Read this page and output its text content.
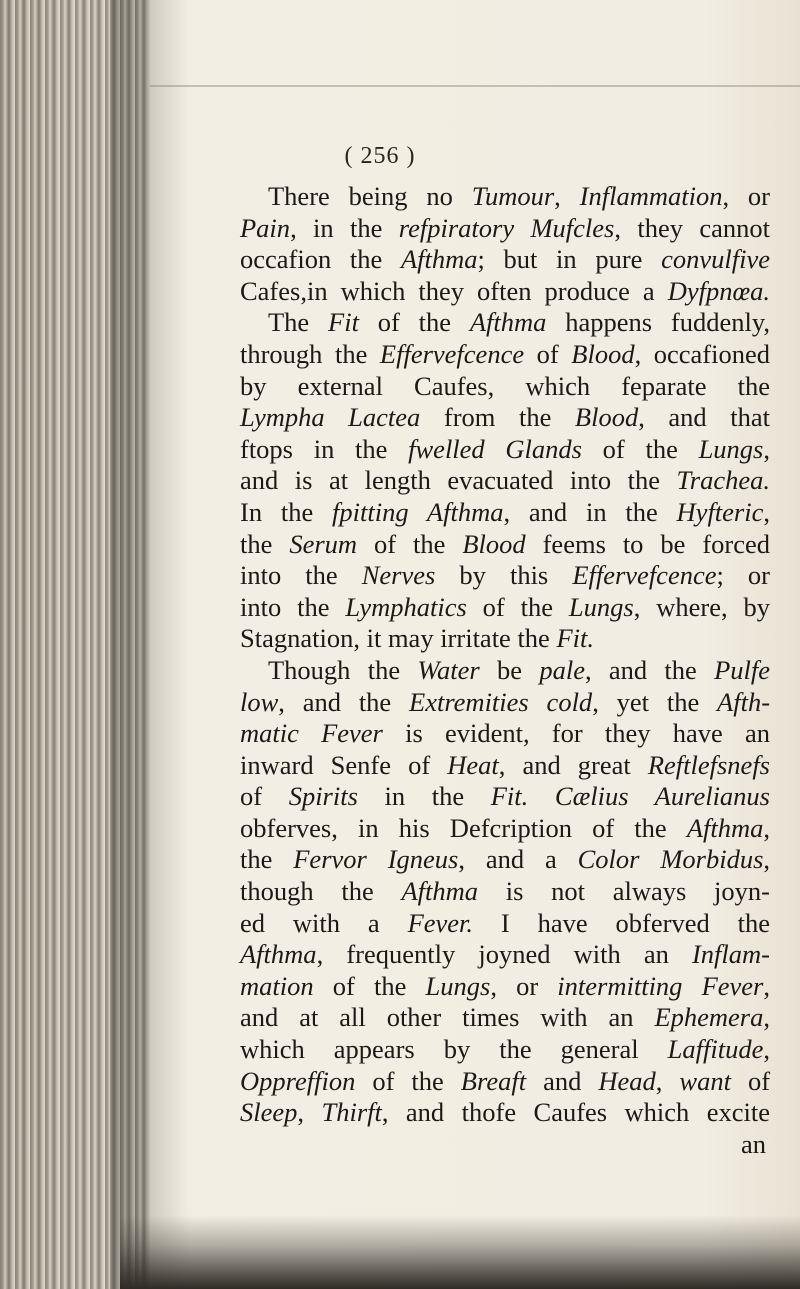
( 256 )
There being no Tumour, Inflammation, or
Pain, in the refpiratory Mufcles, they cannot
occafion the Afthma; but in pure convulfive
Cafes,in which they often produce a Dyfpnœa.
The Fit of the Afthma happens fuddenly,
through the Effervefcence of Blood, occafioned
by external Caufes, which feparate the
Lympha Lactea from the Blood, and that
ftops in the fwelled Glands of the Lungs,
and is at length evacuated into the Trachea.
In the fpitting Afthma, and in the Hyfteric,
the Serum of the Blood feems to be forced
into the Nerves by this Effervefcence; or
into the Lymphatics of the Lungs, where, by
Stagnation, it may irritate the Fit.
Though the Water be pale, and the Pulfe
low, and the Extremities cold, yet the Afth-
matic Fever is evident, for they have an
inward Senfe of Heat, and great Reftlefsnefs
of Spirits in the Fit. Cælius Aurelianus
obferves, in his Defcription of the Afthma,
the Fervor Igneus, and a Color Morbidus,
though the Afthma is not always joyn-
ed with a Fever. I have obferved the
Afthma, frequently joyned with an Inflam-
mation of the Lungs, or intermitting Fever,
and at all other times with an Ephemera,
which appears by the general Laffitude,
Oppreffion of the Breaft and Head, want of
Sleep, Thirft, and thofe Caufes which excite
an
